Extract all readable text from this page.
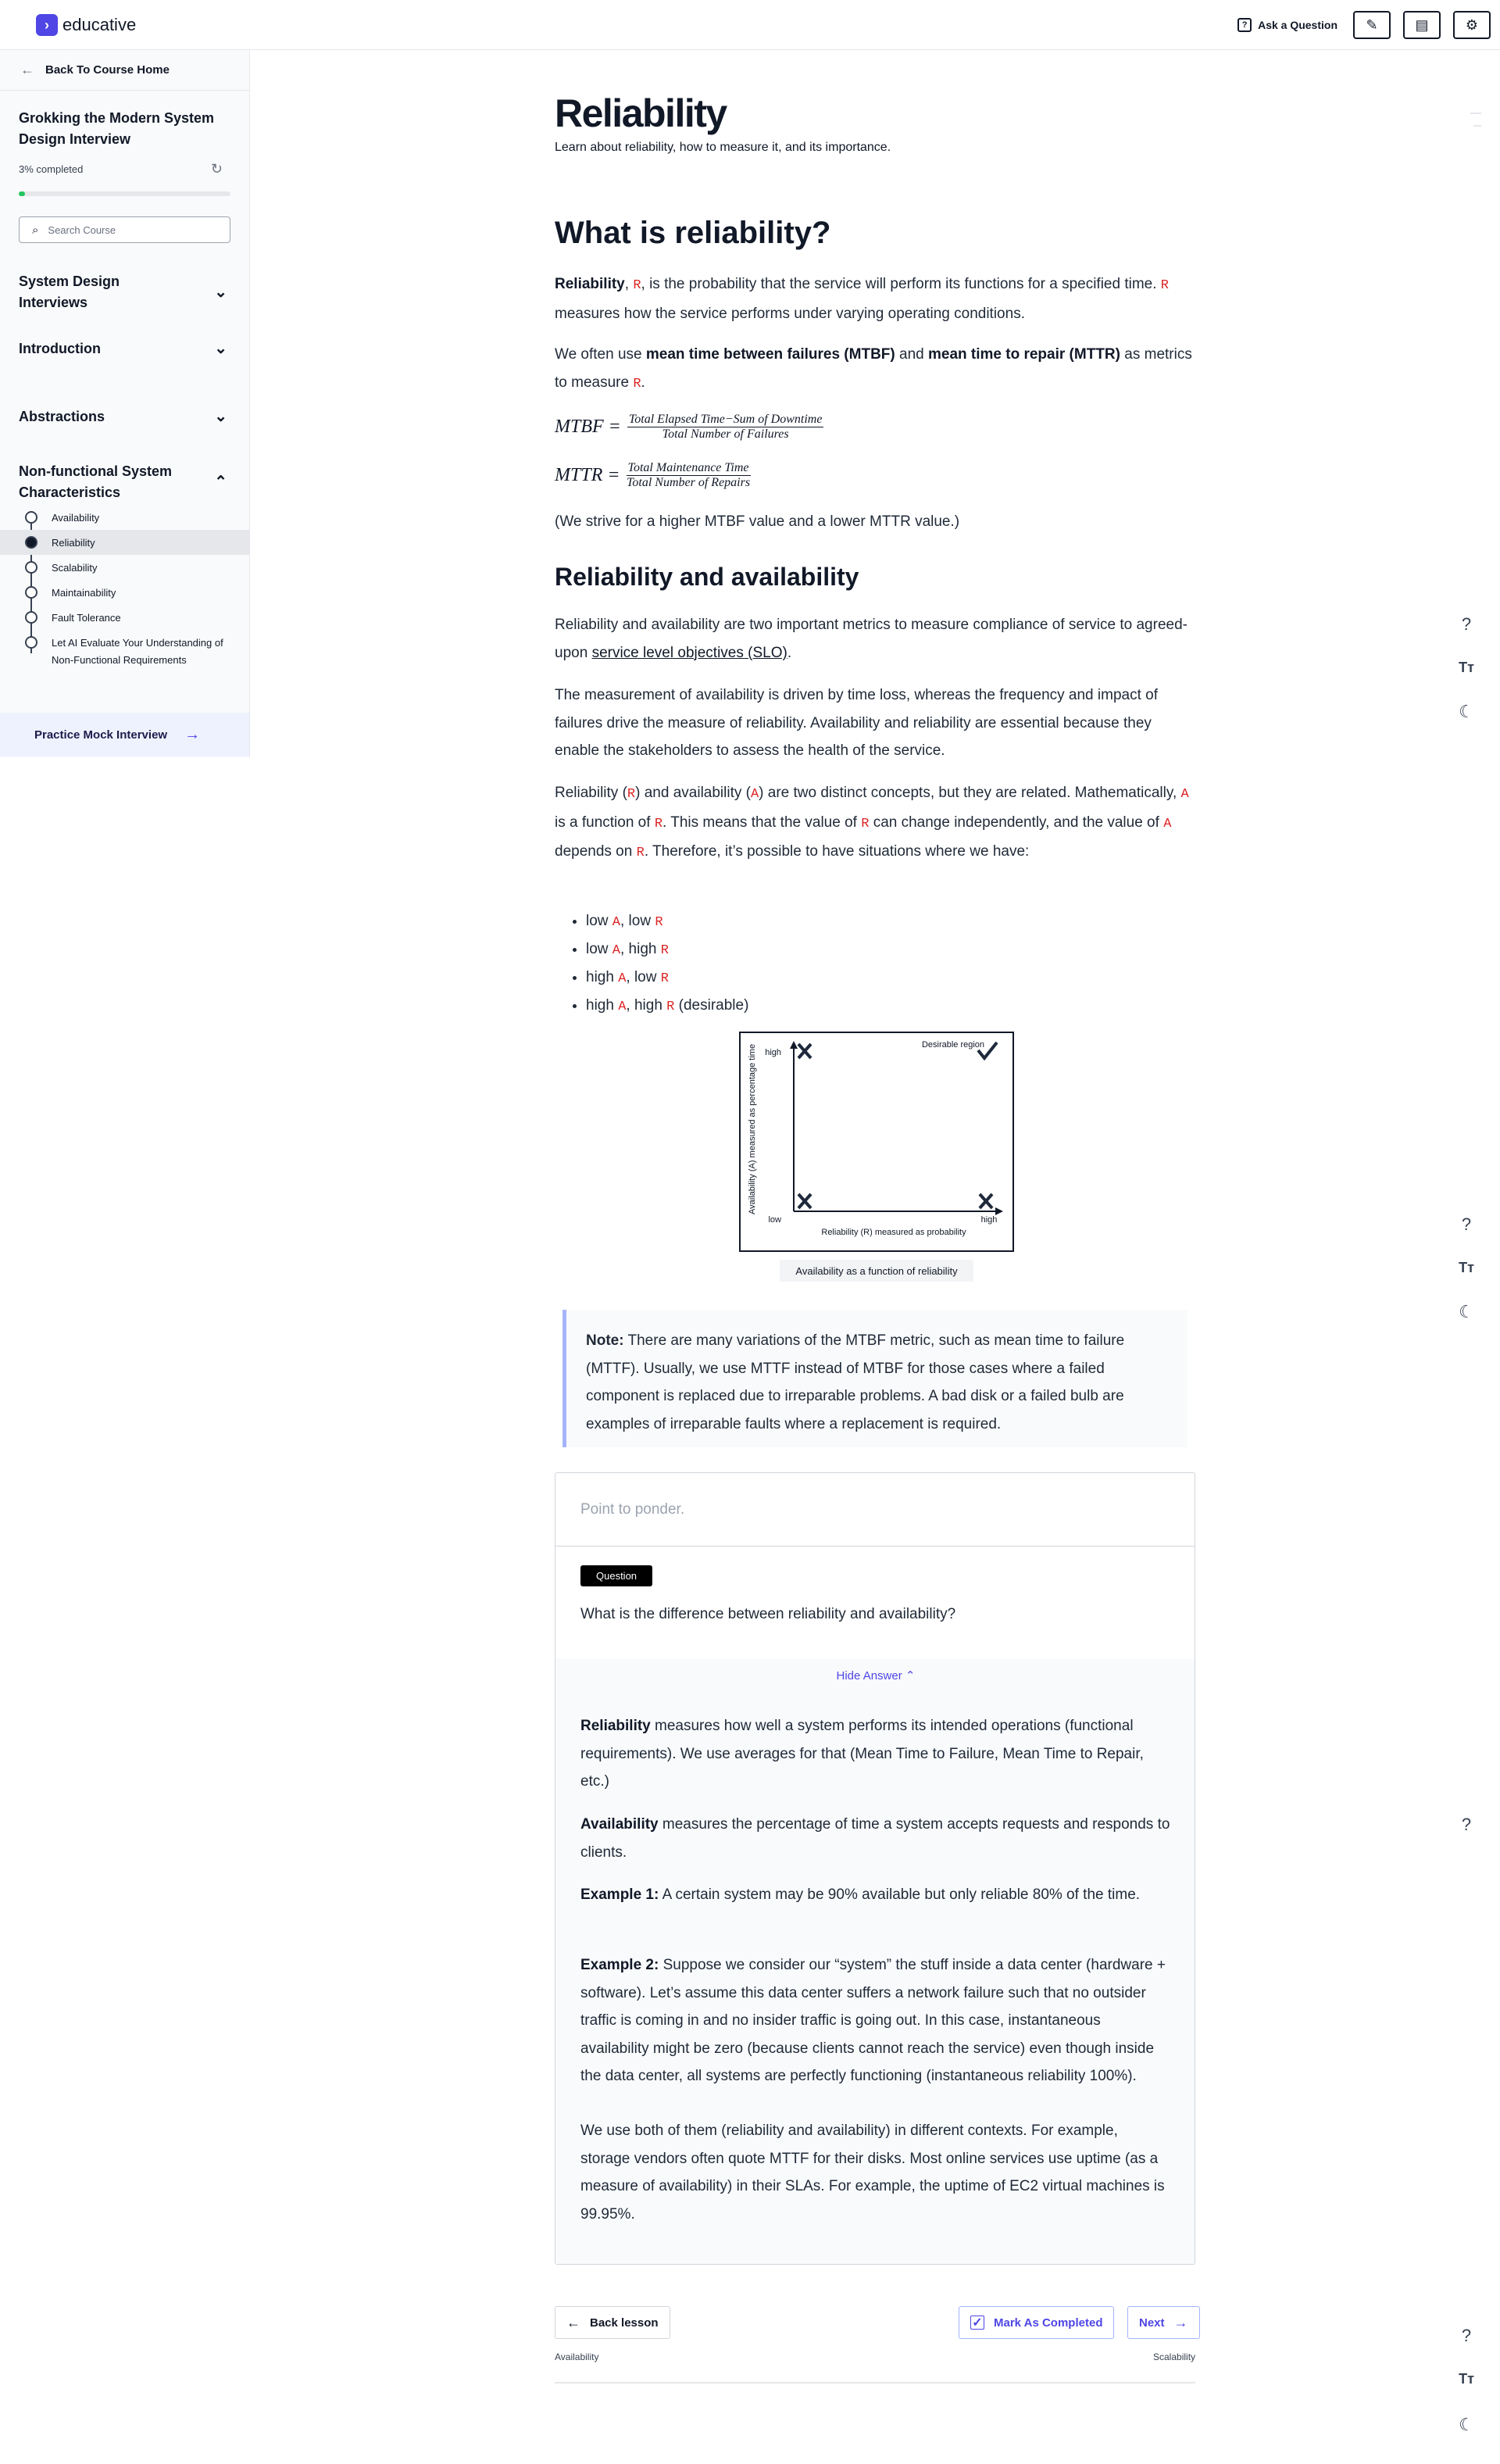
› educative	? Ask a Question ✎	▤	⚙
← Back To Course Home
Grokking the Modern System Design Interview
3% completed	↻
⌕
Search Course
System Design Interviews
⌄
Introduction	⌄
Abstractions	⌄
Non-functional System Characteristics
⌃
Availability
Reliability
Scalability
Maintainability
Fault Tolerance
Let AI Evaluate Your Understanding of Non-Functional Requirements
Practice Mock Interview →
Reliability
Learn about reliability, how to measure it, and its importance.
What is reliability?
Reliability, R, is the probability that the service will perform its functions for a specified time. R measures how the service performs under varying operating conditions.
We often use mean time between failures (MTBF) and mean time to repair (MTTR) as metrics to measure R.
MTBF = $\frac{\text{Total Elapsed Time−Sum of Downtime}}{\text{Total Number of Failures}}$
MTTR = $\frac{\text{Total Maintenance Time}}{\text{Total Number of Repairs}}$
(We strive for a higher MTBF value and a lower MTTR value.)
Reliability and availability
Reliability and availability are two important metrics to measure compliance of service to agreed-upon service level objectives (SLO).
The measurement of availability is driven by time loss, whereas the frequency and impact of failures drive the measure of reliability. Availability and reliability are essential because they enable the stakeholders to assess the health of the service.
Reliability (R) and availability (A) are two distinct concepts, but they are related. Mathematically, A is a function of R. This means that the value of R can change independently, and the value of A depends on R. Therefore, it’s possible to have situations where we have:
• low A, low R
• low A, high R
• high A, low R
• high A, high R (desirable)
high
low	high
Reliability (R) measured as probability
Availability (A) measured as percentage time	Desirable region
Availability as a function of reliability
Note: There are many variations of the MTBF metric, such as mean time to failure (MTTF). Usually, we use MTTF instead of MTBF for those cases where a failed component is replaced due to irreparable problems. A bad disk or a failed bulb are examples of irreparable faults where a replacement is required.
Point to ponder.
Question
What is the difference between reliability and availability?
Hide Answer ⌃
Reliability measures how well a system performs its intended operations (functional requirements). We use averages for that (Mean Time to Failure, Mean Time to Repair, etc.)
Availability measures the percentage of time a system accepts requests and responds to clients.
Example 1: A certain system may be 90% available but only reliable 80% of the time.
Example 2: Suppose we consider our “system” the stuff inside a data center (hardware + software). Let’s assume this data center suffers a network failure such that no outsider traffic is coming in and no insider traffic is going out. In this case, instantaneous availability might be zero (because clients cannot reach the service) even though inside the data center, all systems are perfectly functioning (instantaneous reliability 100%).
We use both of them (reliability and availability) in different contexts. For example, storage vendors often quote MTTF for their disks. Most online services use uptime (as a measure of availability) in their SLAs. For example, the uptime of EC2 virtual machines is 99.95%.
← Back lesson
Availability
✓ Mark As Completed	Next →
Scalability
?
Tт
☾
?
Tт
☾
?
?
Tт
☾
